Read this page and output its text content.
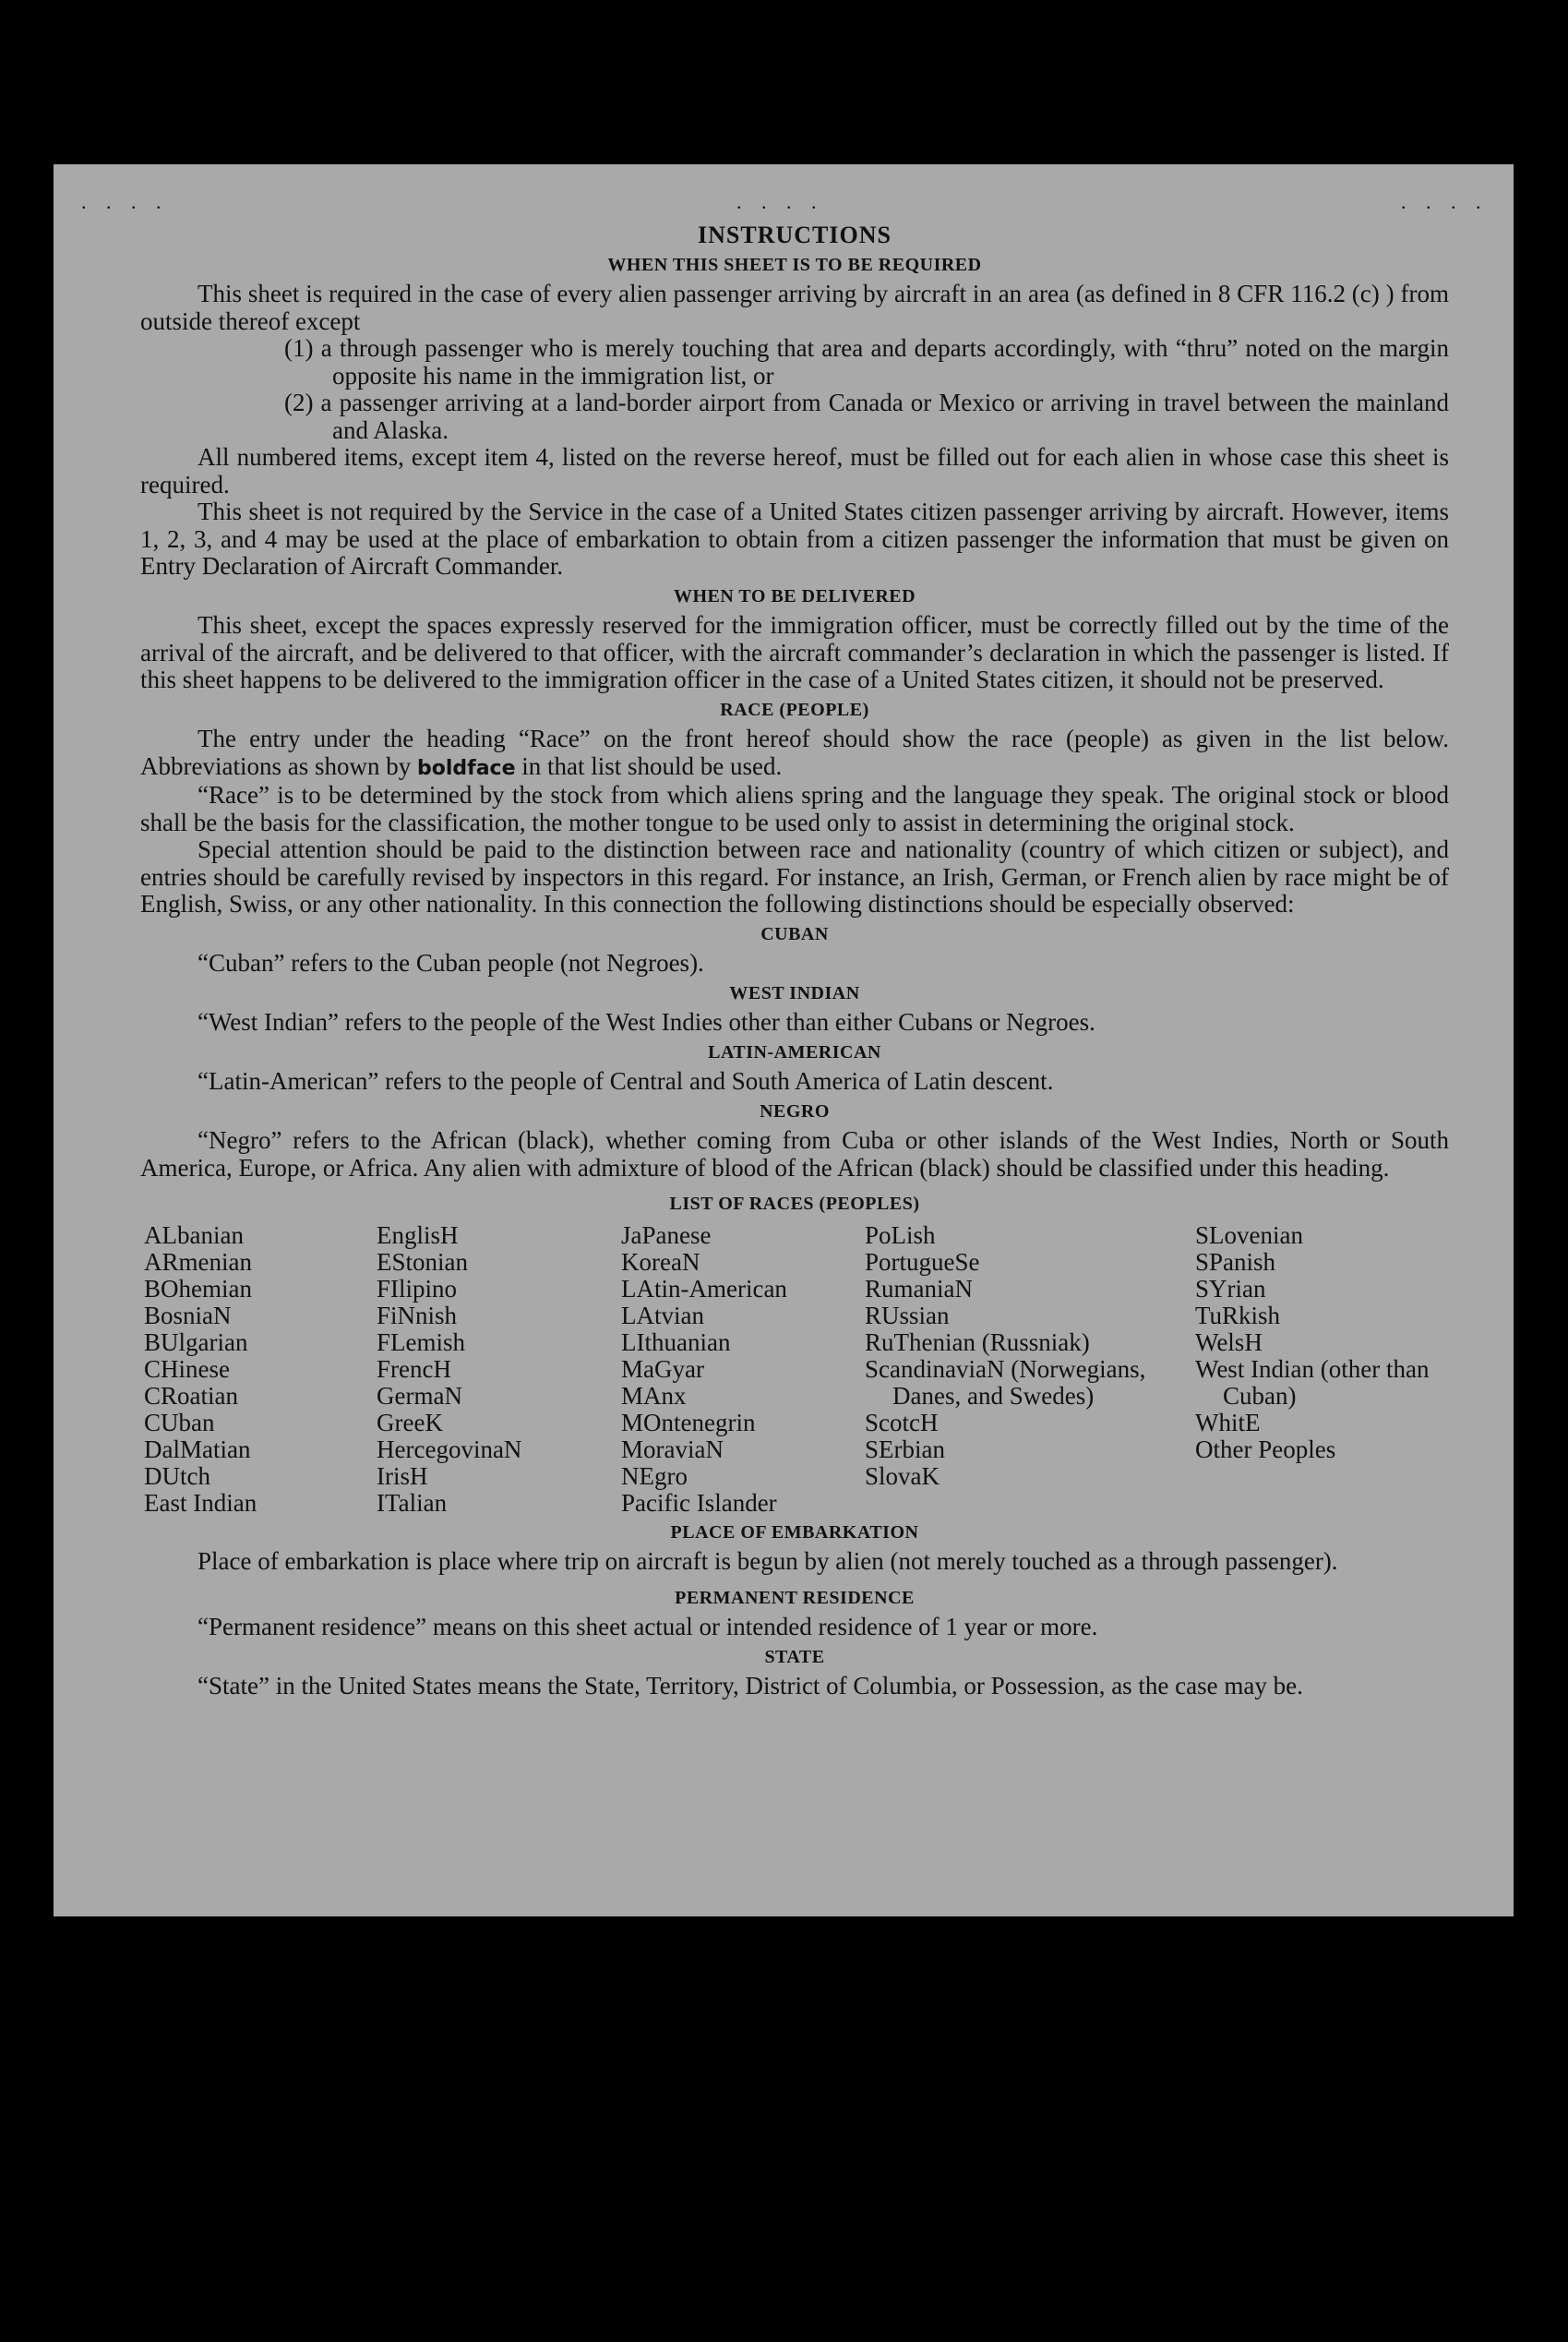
. . . .	. . . .	. . . .
INSTRUCTIONS
WHEN THIS SHEET IS TO BE REQUIRED

This sheet is required in the case of every alien passenger arriving by aircraft in an area (as defined in 8 CFR 116.2 (c) ) from outside thereof except

(1) a through passenger who is merely touching that area and departs accordingly, with “thru” noted on the margin opposite his name in the immigration list, or

(2) a passenger arriving at a land-border airport from Canada or Mexico or arriving in travel between the mainland and Alaska.

All numbered items, except item 4, listed on the reverse hereof, must be filled out for each alien in whose case this sheet is required.

This sheet is not required by the Service in the case of a United States citizen passenger arriving by aircraft. However, items 1, 2, 3, and 4 may be used at the place of embarkation to obtain from a citizen passenger the information that must be given on Entry Declaration of Aircraft Commander.

WHEN TO BE DELIVERED

This sheet, except the spaces expressly reserved for the immigration officer, must be correctly filled out by the time of the arrival of the aircraft, and be delivered to that officer, with the aircraft commander’s declaration in which the passenger is listed. If this sheet happens to be delivered to the immigration officer in the case of a United States citizen, it should not be preserved.

RACE (PEOPLE)

The entry under the heading “Race” on the front hereof should show the race (people) as given in the list below. Abbreviations as shown by boldface in that list should be used.

“Race” is to be determined by the stock from which aliens spring and the language they speak. The original stock or blood shall be the basis for the classification, the mother tongue to be used only to assist in determining the original stock.

Special attention should be paid to the distinction between race and nationality (country of which citizen or subject), and entries should be carefully revised by inspectors in this regard. For instance, an Irish, German, or French alien by race might be of English, Swiss, or any other nationality. In this connection the following distinctions should be especially observed:

CUBAN

“Cuban” refers to the Cuban people (not Negroes).

WEST INDIAN

“West Indian” refers to the people of the West Indies other than either Cubans or Negroes.

LATIN-AMERICAN

“Latin-American” refers to the people of Central and South America of Latin descent.

NEGRO

“Negro” refers to the African (black), whether coming from Cuba or other islands of the West Indies, North or South America, Europe, or Africa. Any alien with admixture of blood of the African (black) should be classified under this heading.

LIST OF RACES (PEOPLES)
ALbanian
ARmenian
BOhemian
BosniaN
BUlgarian
CHinese
CRoatian
CUban
DalMatian
DUtch
East Indian
EnglisH
EStonian
FIlipino
FiNnish
FLemish
FrencH
GermaN
GreeK
HercegovinaN
IrisH
ITalian
JaPanese
KoreaN
LAtin-American
LAtvian
LIthuanian
MaGyar
MAnx
MOntenegrin
MoraviaN
NEgro
Pacific Islander
PoLish
PortugueSe
RumaniaN
RUssian
RuThenian (Russniak)
ScandinaviaN (Norwegians, Danes, and Swedes)
ScotcH
SErbian
SlovaK
SLovenian
SPanish
SYrian
TuRkish
WelsH
West Indian (other than Cuban)
WhitE
Other Peoples
PLACE OF EMBARKATION

Place of embarkation is place where trip on aircraft is begun by alien (not merely touched as a through passenger).

PERMANENT RESIDENCE

“Permanent residence” means on this sheet actual or intended residence of 1 year or more.

STATE

“State” in the United States means the State, Territory, District of Columbia, or Possession, as the case may be.
